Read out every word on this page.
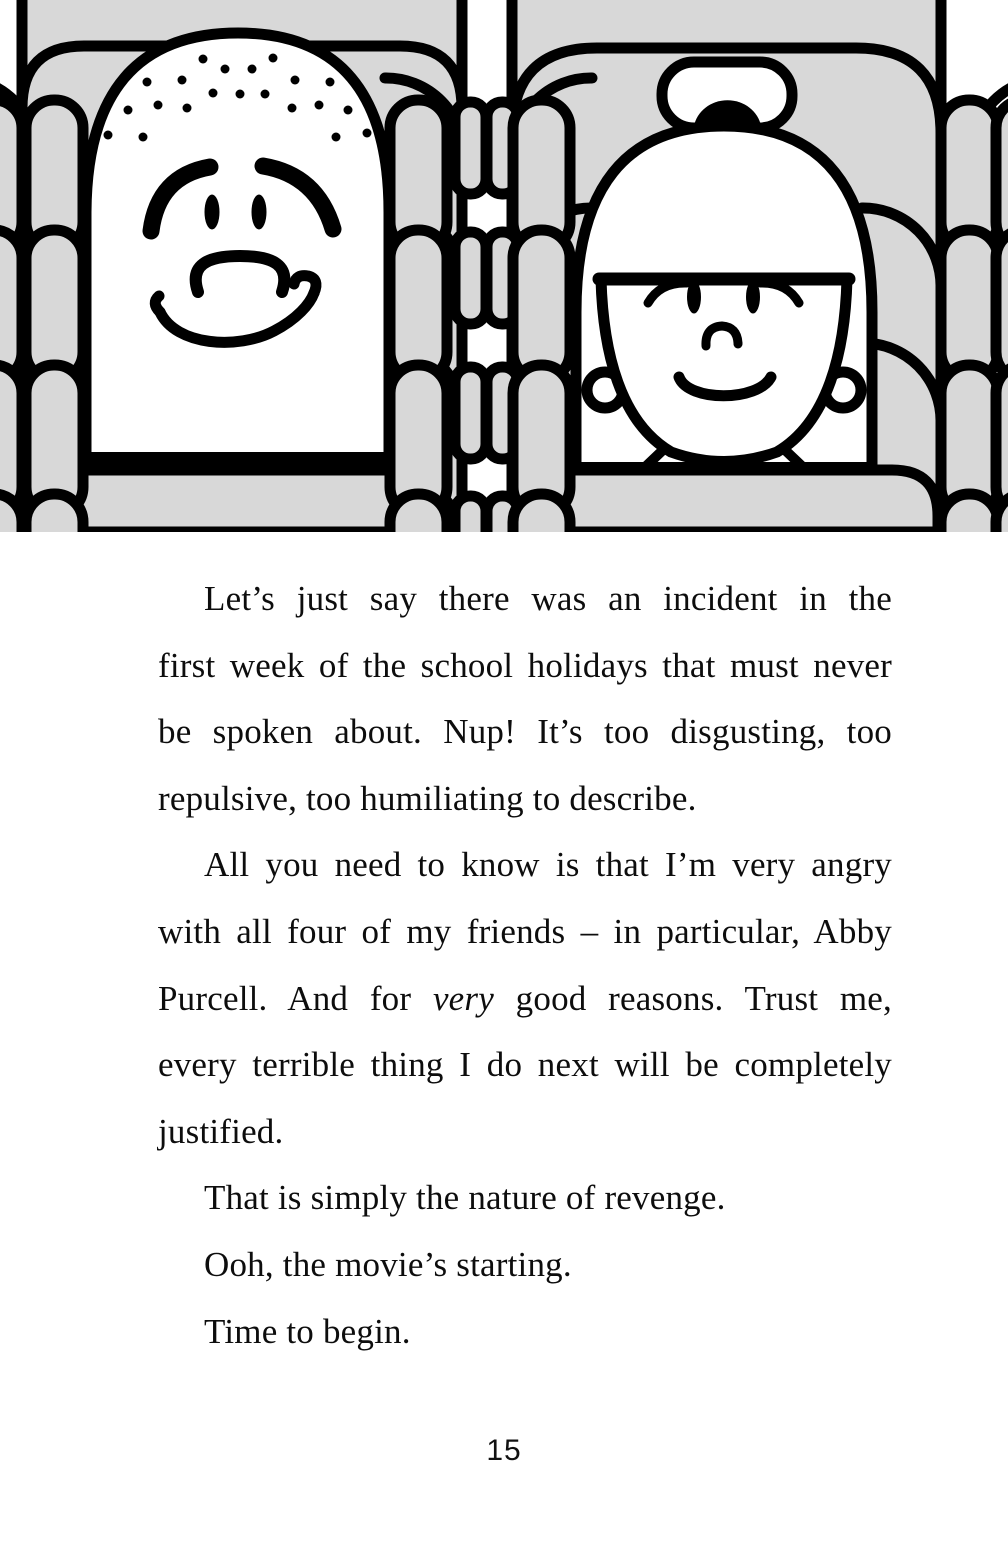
Let’s just say there was an incident in the
first week of the school holidays that must never
be spoken about. Nup! It’s too disgusting, too
repulsive, too humiliating to describe.
All you need to know is that I’m very angry
with all four of my friends – in particular, Abby
Purcell. And for very good reasons. Trust me,
every terrible thing I do next will be completely
justified.
That is simply the nature of revenge.
Ooh, the movie’s starting.
Time to begin.
15
